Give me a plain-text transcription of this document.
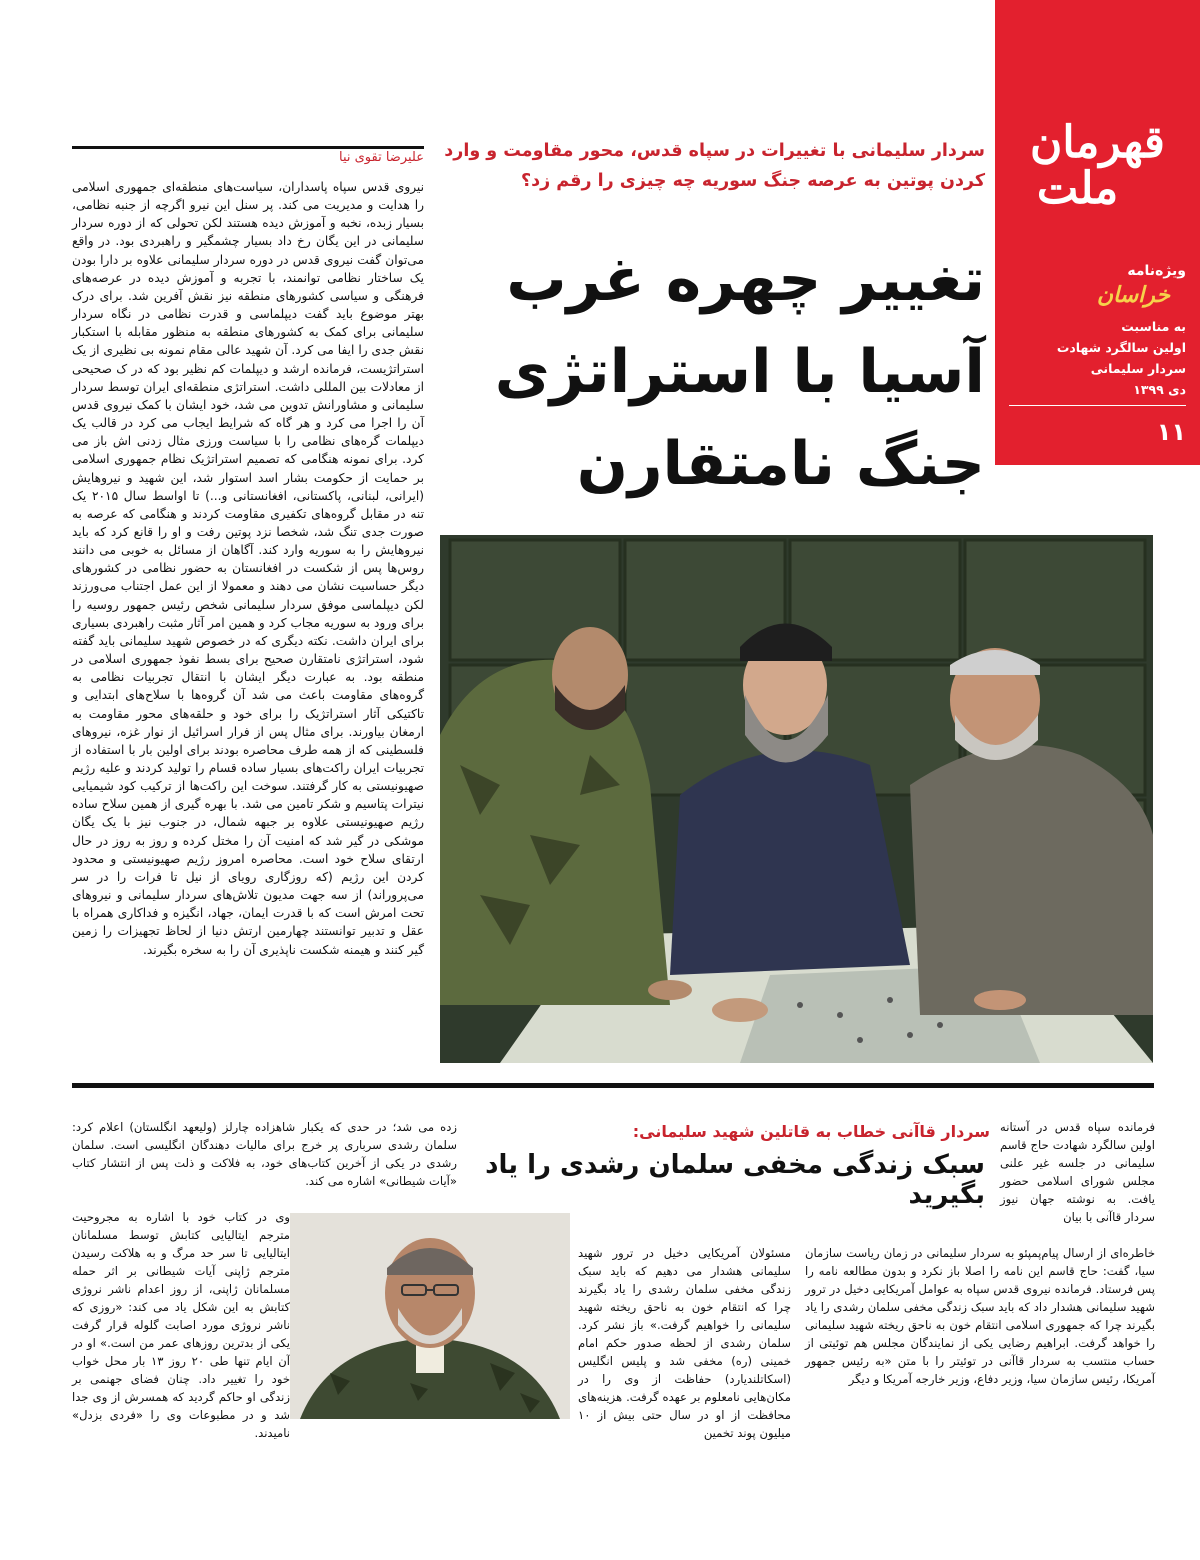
قهرمان
ملت
ویژه‌نامه
خراسان
به مناسبت
اولین سالگرد شهادت
سردار سلیمانی
دی ۱۳۹۹
۱۱
سردار سلیمانی با تغییرات در سپاه قدس، محور مقاومت و وارد کردن پوتین به عرصه جنگ سوریه چه چیزی را رقم زد؟
تغییر چهره غرب
آسیا با استراتژی
جنگ نامتقارن
علیرضا تقوی نیا
نیروی قدس سپاه پاسداران، سیاست‌های منطقه‌ای جمهوری اسلامی را هدایت و مدیریت می کند. پر سنل این نیرو اگرچه از جنبه نظامی، بسیار زبده، نخبه و آموزش دیده هستند لکن تحولی که از دوره سردار سلیمانی در این یگان رخ داد بسیار چشمگیر و راهبردی بود. در واقع می‌توان گفت نیروی قدس در دوره سردار سلیمانی علاوه بر دارا بودن یک ساختار نظامی توانمند، با تجربه و آموزش دیده در عرصه‌های فرهنگی و سیاسی کشورهای منطقه نیز نقش آفرین شد. برای درک بهتر موضوع باید گفت دیپلماسی و قدرت نظامی در نگاه سردار سلیمانی برای کمک به کشورهای منطقه به منظور مقابله با استکبار نقش جدی را ایفا می کرد. آن شهید عالی مقام نمونه بی نظیری از یک استراتژیست، فرمانده ارشد و دیپلمات کم نظیر بود که در ک صحیحی از معادلات بین المللی داشت. استراتژی منطقه‌ای ایران توسط سردار سلیمانی و مشاورانش تدوین می شد، خود ایشان با کمک نیروی قدس آن را اجرا می کرد و هر گاه که شرایط ایجاب می کرد در قالب یک دیپلمات گره‌های نظامی را با سیاست ورزی مثال زدنی اش باز می کرد. برای نمونه هنگامی که تصمیم استراتژیک نظام جمهوری اسلامی بر حمایت از حکومت بشار اسد استوار شد، این شهید و نیروهایش (ایرانی، لبنانی، پاکستانی، افغانستانی و...) تا اواسط سال ۲۰۱۵ یک تنه در مقابل گروه‌های تکفیری مقاومت کردند و هنگامی که عرصه به صورت جدی تنگ شد، شخصا نزد پوتین رفت و او را قانع کرد که باید نیروهایش را به سوریه وارد کند. آگاهان از مسائل به خوبی می دانند روس‌ها پس از شکست در افغانستان به حضور نظامی در کشورهای دیگر حساسیت نشان می دهند و معمولا از این عمل اجتناب می‌ورزند لکن دیپلماسی موفق سردار سلیمانی شخص رئیس جمهور روسیه را برای ورود به سوریه مجاب کرد و همین امر آثار مثبت راهبردی بسیاری برای ایران داشت. نکته دیگری که در خصوص شهید سلیمانی باید گفته شود، استراتژی نامتقارن صحیح برای بسط نفوذ جمهوری اسلامی در منطقه بود. به عبارت دیگر ایشان با انتقال تجربیات نظامی به گروه‌های مقاومت باعث می شد آن گروه‌ها با سلاح‌های ابتدایی و تاکتیکی آثار استراتژیک را برای خود و حلقه‌های محور مقاومت به ارمغان بیاورند. برای مثال پس از فرار اسرائیل از نوار غزه، نیروهای فلسطینی که از همه طرف محاصره بودند برای اولین بار با استفاده از تجربیات ایران راکت‌های بسیار ساده قسام را تولید کردند و علیه رژیم صهیونیستی به کار گرفتند. سوخت این راکت‌ها از ترکیب کود شیمیایی نیترات پتاسیم و شکر تامین می شد. با بهره گیری از همین سلاح ساده رژیم صهیونیستی علاوه بر جبهه شمال، در جنوب نیز با یک یگان موشکی در گیر شد که امنیت آن را مختل کرده و روز به روز در حال ارتقای سلاح خود است. محاصره امروز رژیم صهیونیستی و محدود کردن این رژیم (که روزگاری رویای از نیل تا فرات را در سر می‌پروراند) از سه جهت مدیون تلاش‌های سردار سلیمانی و نیروهای تحت امرش است که با قدرت ایمان، جهاد، انگیزه و فداکاری همراه با عقل و تدبیر توانستند چهارمین ارتش دنیا از لحاظ تجهیزات را زمین گیر کنند و هیمنه شکست ناپذیری آن را به سخره بگیرند.
سردار قاآنی خطاب به قاتلین شهید سلیمانی:
سبک زندگی مخفی سلمان رشدی را یاد بگیرید
فرمانده سپاه قدس در آستانه اولین سالگرد شهادت حاج قاسم سلیمانی در جلسه غیر علنی مجلس شورای اسلامی حضور یافت. به نوشته جهان نیوز سردار قاآنی با بیان
خاطره‌ای از ارسال پیام‌پمپئو به سردار سلیمانی در زمان ریاست سازمان سیا، گفت: حاج قاسم این نامه را اصلا باز نکرد و بدون مطالعه نامه را پس فرستاد. فرمانده نیروی قدس سپاه به عوامل آمریکایی دخیل در ترور شهید سلیمانی هشدار داد که باید سبک زندگی مخفی سلمان رشدی را یاد بگیرند چرا که جمهوری اسلامی انتقام خون به ناحق ریخته شهید سلیمانی را خواهد گرفت. ابراهیم رضایی یکی از نمایندگان مجلس هم توئیتی از حساب منتسب به سردار قاآنی در توئیتر را با متن «به رئیس جمهور آمریکا، رئیس سازمان سیا، وزیر دفاع، وزیر خارجه آمریکا و دیگر
مسئولان آمریکایی دخیل در ترور شهید سلیمانی هشدار می دهیم که باید سبک زندگی مخفی سلمان رشدی را یاد بگیرند چرا که انتقام خون به ناحق ریخته شهید سلیمانی را خواهیم گرفت.» باز نشر کرد. سلمان رشدی از لحظه صدور حکم امام خمینی (ره) مخفی شد و پلیس انگلیس (اسکاتلندیارد) حفاظت از وی را در مکان‌هایی نامعلوم بر عهده گرفت. هزینه‌های محافظت از او در سال حتی بیش از ۱۰ میلیون پوند تخمین
زده می شد؛ در حدی که یکبار شاهزاده چارلز (ولیعهد انگلستان) اعلام کرد: سلمان رشدی سرباری پر خرج برای مالیات دهندگان انگلیسی است. سلمان رشدی در یکی از آخرین کتاب‌های خود، به فلاکت و ذلت پس از انتشار کتاب «آیات شیطانی» اشاره می کند.
وی در کتاب خود با اشاره به مجروحیت مترجم ایتالیایی کتابش توسط مسلمانان ایتالیایی تا سر حد مرگ و به هلاکت رسیدن مترجم ژاپنی آیات شیطانی بر اثر حمله مسلمانان ژاپنی، از روز اعدام ناشر نروژی کتابش به این شکل یاد می کند: «روزی که ناشر نروژی مورد اصابت گلوله قرار گرفت یکی از بدترین روزهای عمر من است.» او در آن ایام تنها طی ۲۰ روز ۱۳ بار محل خواب خود را تغییر داد. چنان فضای جهنمی بر زندگی او حاکم گردید که همسرش از وی جدا شد و در مطبوعات وی را «فردی بزدل» نامیدند.
